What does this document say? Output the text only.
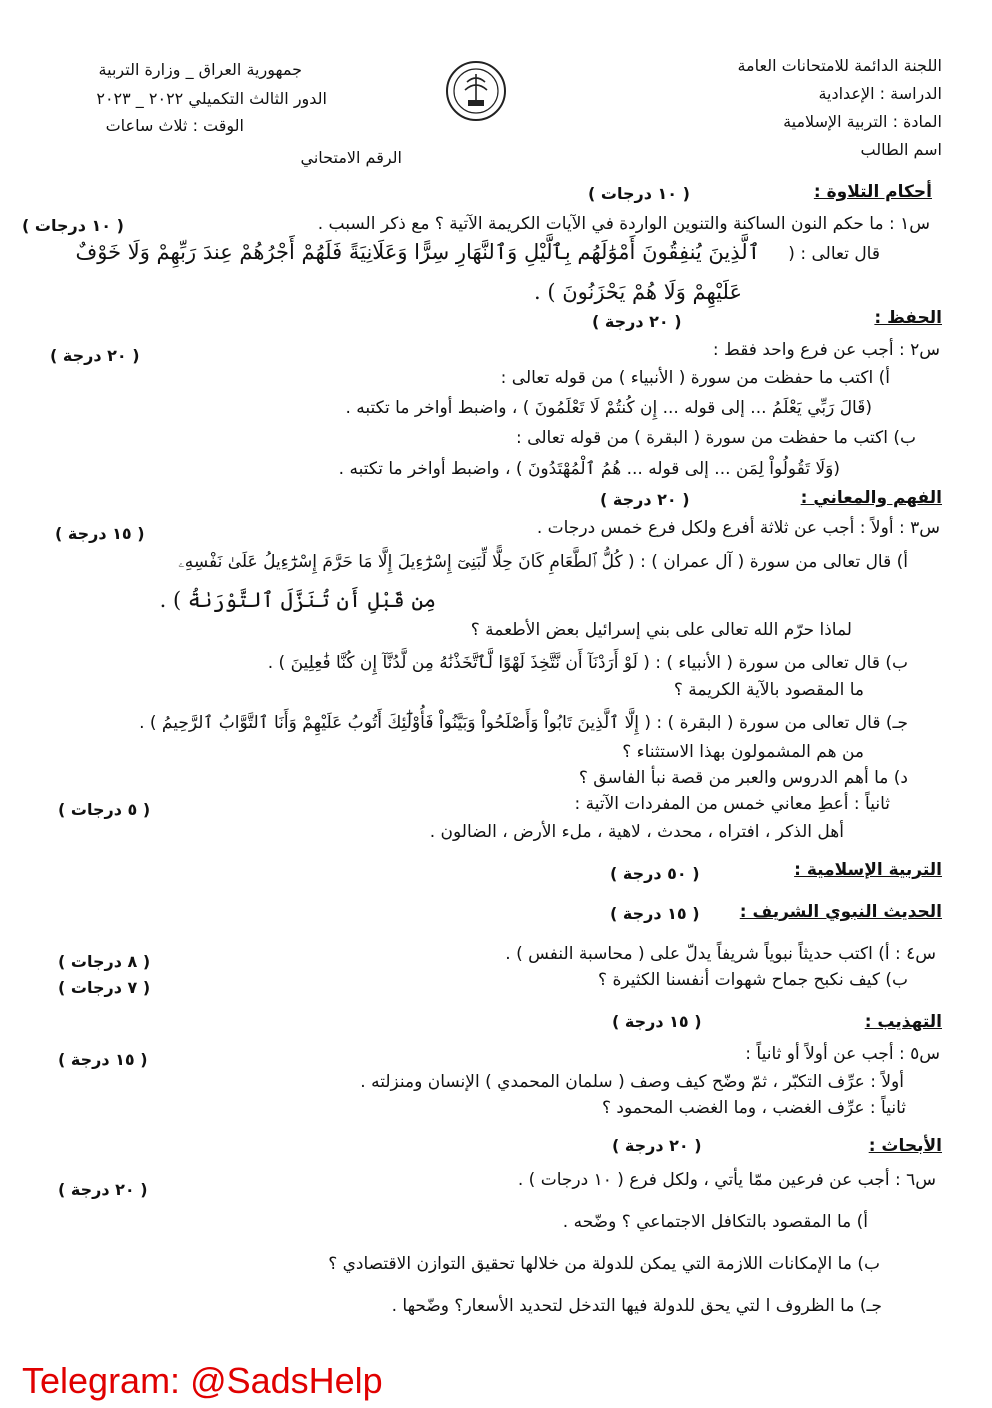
اللجنة الدائمة للامتحانات العامة
الدراسة : الإعدادية
المادة : التربية الإسلامية
اسم الطالب
جمهورية العراق _ وزارة التربية
الدور الثالث التكميلي ٢٠٢٢ _ ٢٠٢٣
الوقت : ثلاث ساعات
الرقم الامتحاني
أحكام التلاوة :
( ١٠ درجات )
س١ : ما حكم النون الساكنة والتنوين الواردة في الآيات الكريمة الآتية ؟ مع ذكر السبب .
( ١٠ درجات )
قال تعالى : (
ٱلَّذِينَ يُنفِقُونَ أَمْوَٰلَهُم بِٱلَّيْلِ وَٱلنَّهَارِ سِرًّا وَعَلَانِيَةً فَلَهُمْ أَجْرُهُمْ عِندَ رَبِّهِمْ وَلَا خَوْفٌ
عَلَيْهِمْ وَلَا هُمْ يَحْزَنُونَ ) .
الحفظ :
( ٢٠ درجة )
س٢ : أجب عن فرع واحد فقط :
( ٢٠ درجة )
أ) اكتب ما حفظت من سورة ( الأنبياء ) من قوله تعالى :
(قَالَ رَبِّي يَعْلَمُ ... إلى قوله ... إِن كُنتُمْ لَا تَعْلَمُونَ ) ، واضبط أواخر ما تكتبه .
ب) اكتب ما حفظت من سورة ( البقرة ) من قوله تعالى :
(وَلَا تَقُولُواْ لِمَن ... إلى قوله ... هُمُ ٱلْمُهْتَدُونَ ) ، واضبط أواخر ما تكتبه .
الفهم والمعاني :
( ٢٠ درجة )
س٣ : أولاً : أجب عن ثلاثة أفرع ولكل فرع خمس درجات .
( ١٥ درجة )
أ) قال تعالى من سورة ( آل عمران ) : ( كُلُّ ٱلطَّعَامِ كَانَ حِلًّا لِّبَنِىٓ إِسْرَٰٓءِيلَ إِلَّا مَا حَرَّمَ إِسْرَٰٓءِيلُ عَلَىٰ نَفْسِهِۦ
مِن قَبْلِ أَن تُنَزَّلَ ٱلتَّوْرَىٰةُ ) .
لماذا حرّم الله تعالى على بني إسرائيل بعض الأطعمة ؟
ب) قال تعالى من سورة ( الأنبياء ) : ( لَوْ أَرَدْنَآ أَن نَّتَّخِذَ لَهْوًا لَّٱتَّخَذْنَٰهُ مِن لَّدُنَّآ إِن كُنَّا فَٰعِلِينَ ) .
ما المقصود بالآية الكريمة ؟
جـ) قال تعالى من سورة ( البقرة ) : ( إِلَّا ٱلَّذِينَ تَابُواْ وَأَصْلَحُواْ وَبَيَّنُواْ فَأُوْلَٰٓئِكَ أَتُوبُ عَلَيْهِمْ وَأَنَا ٱلتَّوَّابُ ٱلرَّحِيمُ ) .
من هم المشمولون بهذا الاستثناء ؟
د) ما أهم الدروس والعبر من قصة نبأ الفاسق ؟
ثانياً : أعطِ معاني خمس من المفردات الآتية :
( ٥ درجات )
أهل الذكر ، افتراه ، محدث ، لاهية ، ملء الأرض ، الضالون .
التربية الإسلامية :
( ٥٠ درجة )
الحديث النبوي الشريف :
( ١٥ درجة )
س٤ : أ) اكتب حديثاً نبوياً شريفاً يدلّ على ( محاسبة النفس ) .
( ٨ درجات )
ب) كيف نكبح جماح شهوات أنفسنا الكثيرة ؟
( ٧ درجات )
التهذيب :
( ١٥ درجة )
س٥ : أجب عن أولاً أو ثانياً :
( ١٥ درجة )
أولاً : عرِّف التكبّر ، ثمّ وضّح كيف وصف ( سلمان المحمدي ) الإنسان ومنزلته .
ثانياً : عرِّف الغضب ، وما الغضب المحمود ؟
الأبحاث :
( ٢٠ درجة )
س٦ : أجب عن فرعين ممّا يأتي ، ولكل فرع ( ١٠ درجات ) .
( ٢٠ درجة )
أ) ما المقصود بالتكافل الاجتماعي ؟ وضّحه .
ب) ما الإمكانات اللازمة التي يمكن للدولة من خلالها تحقيق التوازن الاقتصادي ؟
جـ) ما الظروف ا لتي يحق للدولة فيها التدخل لتحديد الأسعار؟ وضّحها .
Telegram: @SadsHelp
